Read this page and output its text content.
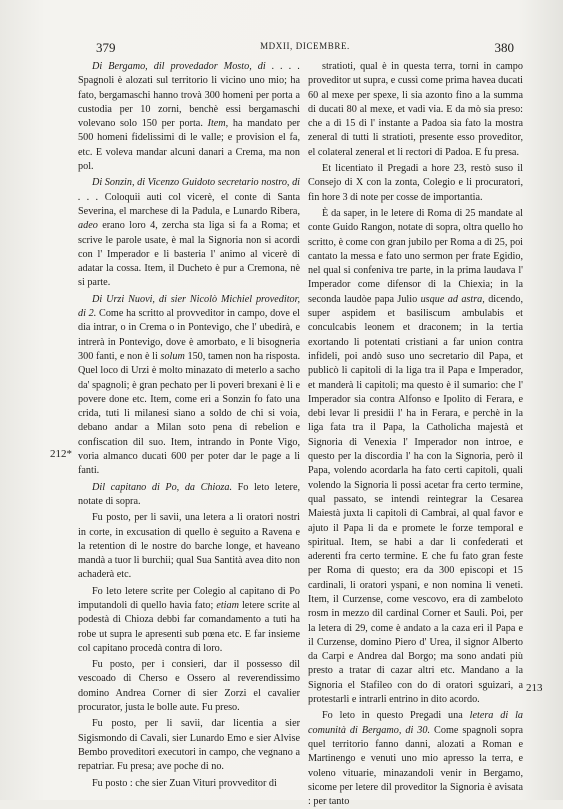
379	MDXII, DICEMBRE.	380
212*
213

Di Bergamo, dil provedador Mosto, di . . . . Spagnoli è alozati sul territorio li vicino uno mio; ha fato, bergamaschi hanno trovà 300 homeni per porta a custodia per 10 zorni, benchè essi bergamaschi volevano solo 150 per porta. Item, ha mandato per 500 homeni fidelissimi di le valle; e provision el fa, etc. E voleva mandar alcuni danari a Crema, ma non pol.

Di Sonzin, di Vicenzo Guidoto secretario nostro, di . . . Coloquii auti col vicerè, el conte di Santa Severina, el marchese di la Padula, e Lunardo Ribera, adeo erano loro 4, zercha sta liga si fa a Roma; et scrive le parole usate, è mal la Signoria non si acordi con l' Imperador e li basteria l' animo al vicerè di adatar la cossa. Item, il Ducheto è pur a Cremona, nè si parte.

Di Urzi Nuovi, di sier Nicolò Michiel proveditor, di 2. Come ha scritto al provveditor in campo, dove el dia intrar, o in Crema o in Pontevigo, che l' ubedirà, e intrerà in Pontevigo, dove è amorbato, e li bisogneria 300 fanti, e non è li solum 150, tamen non ha risposta. Quel loco di Urzi è molto minazato di meterlo a sacho da' spagnoli; è gran pechato per li poveri brexani è li e povere done etc. Item, come eri a Sonzin fo fato una crida, tuti li milanesi siano a soldo de chi si voia, debano andar a Milan soto pena di rebelion e confiscation dil suo. Item, intrando in Ponte Vigo, voria almanco ducati 600 per poter dar le page a li fanti.

Dil capitano di Po, da Chioza. Fo leto letere, notate di sopra.

Fu posto, per li savii, una letera a li oratori nostri in corte, in excusation di quello è seguito a Ravena e la retention di le nostre do barche longe, et haveano mandà a tuor li burchii; qual Sua Santità avea dito non achaderà etc.

Fo leto letere scrite per Colegio al capitano di Po imputandoli di quello havia fato; etiam letere scrite al podestà di Chioza debbi far comandamento a tuti ha robe ut supra le apresenti sub pœna etc. E far insieme col capitano procedà contra di loro.

Fu posto, per i consieri, dar il possesso dil vescoado di Cherso e Ossero al reverendissimo domino Andrea Corner di sier Zorzi el cavalier procurator, justa le bolle aute. Fu preso.

Fu posto, per li savii, dar licentia a sier Sigismondo di Cavali, sier Lunardo Emo e sier Alvise Bembo proveditori executori in campo, che vegnano a repatriar. Fu presa; ave poche di no.

Fu posto : che sier Zuan Vituri provveditor di

stratioti, qual è in questa terra, torni in campo proveditor ut supra, e cussì come prima havea ducati 60 al mexe per spexe, li sia azonto fino a la summa di ducati 80 al mexe, et vadi via. E da mò sia preso: che a dì 15 di l' instante a Padoa sia fato la mostra zeneral di tutti li stratioti, presente esso proveditor, el colateral zeneral et li rectori di Padoa. E fu presa.

Et licentiato il Pregadi a hore 23, restò suso il Consejo di X con la zonta, Colegio e li procuratori, fin hore 3 di note per cosse de importantia.

È da saper, in le letere di Roma di 25 mandate al conte Guido Rangon, notate di sopra, oltra quello ho scritto, è come con gran jubilo per Roma a dì 25, poi cantato la messa e fato uno sermon per frate Egidio, nel qual si confeniva tre parte, in la prima laudava l' Imperador come difensor di la Chiexia; in la seconda laudòe papa Julio usque ad astra, dicendo, super aspidem et basiliscum ambulabis et conculcabis leonem et draconem; in la tertia exortando li potentati cristiani a far union contra infideli, poi andò suso uno secretario dil Papa, et publicò li capitoli di la liga tra il Papa e Imperador, et manderà li capitoli; ma questo è il sumario: che l' Imperador sia contra Alfonso e Ipolito di Ferara, e debi levar li presidii l' ha in Ferara, e perchè in la liga fata tra il Papa, la Catholicha majestà et Signoria di Venexia l' Imperador non introe, e questo per la discordia l' ha con la Signoria, però il Papa, volendo acordarla ha fato certi capitoli, quali volendo la Signoria li possi acetar fra certo termine, qual passato, se intendi reintegrar la Cesarea Maiestà juxta li capitoli di Cambrai, al qual favor e ajuto il Papa li da e promete le forze temporal e spiritual. Item, se habi a dar li confederati et aderenti fra certo termine. E che fu fato gran feste per Roma di questo; era da 300 episcopi et 15 cardinali, li oratori yspani, e non nomina li veneti. Item, il Curzense, come vescovo, era di zambeloto rosm in mezzo dil cardinal Corner et Sauli. Poi, per la letera di 29, come è andato a la caza eri il Papa e il Curzense, domino Piero d' Urea, il signor Alberto da Carpi e Andrea dal Borgo; ma sono andati più presto a tratar di cazar altri etc. Mandano a la Signoria el Stafileo con do di oratori sguizari, a protestarli e intrarli entrino in dito acordo.

Fo leto in questo Pregadi una letera di la comunità di Bergamo, di 30. Come spagnoli sopra quel territorio fanno danni, alozati a Roman e Martinengo e venuti uno mio apresso la terra, e voleno vituarie, minazandoli venir in Bergamo, sicome per letere dil proveditor la Signoria è avisata : per tanto
